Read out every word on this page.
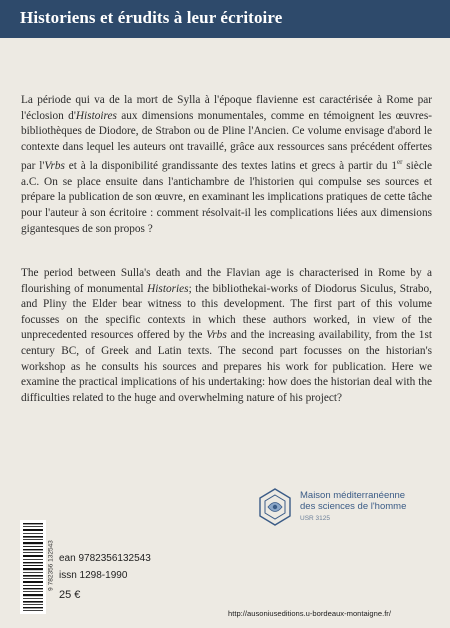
Historiens et érudits à leur écritoire
La période qui va de la mort de Sylla à l'époque flavienne est caractérisée à Rome par l'éclosion d'Histoires aux dimensions monumentales, comme en témoignent les œuvres-bibliothèques de Diodore, de Strabon ou de Pline l'Ancien. Ce volume envisage d'abord le contexte dans lequel les auteurs ont travaillé, grâce aux ressources sans précédent offertes par l'Vrbs et à la disponibilité grandissante des textes latins et grecs à partir du 1er siècle a.C. On se place ensuite dans l'antichambre de l'historien qui compulse ses sources et prépare la publication de son œuvre, en examinant les implications pratiques de cette tâche pour l'auteur à son écritoire : comment résolvait-il les complications liées aux dimensions gigantesques de son propos ?
The period between Sulla's death and the Flavian age is characterised in Rome by a flourishing of monumental Histories; the bibliothekai-works of Diodorus Siculus, Strabo, and Pliny the Elder bear witness to this development. The first part of this volume focusses on the specific contexts in which these authors worked, in view of the unprecedented resources offered by the Vrbs and the increasing availability, from the 1st century BC, of Greek and Latin texts. The second part focusses on the historian's workshop as he consults his sources and prepares his work for publication. Here we examine the practical implications of his undertaking: how does the historian deal with the difficulties related to the huge and overwhelming nature of his project?
Maison méditerranéenne
des sciences de l'homme
USR 3125
9 782356 132543 ean 9782356132543
issn 1298-1990
25 €
http://ausoniuseditions.u-bordeaux-montaigne.fr/
